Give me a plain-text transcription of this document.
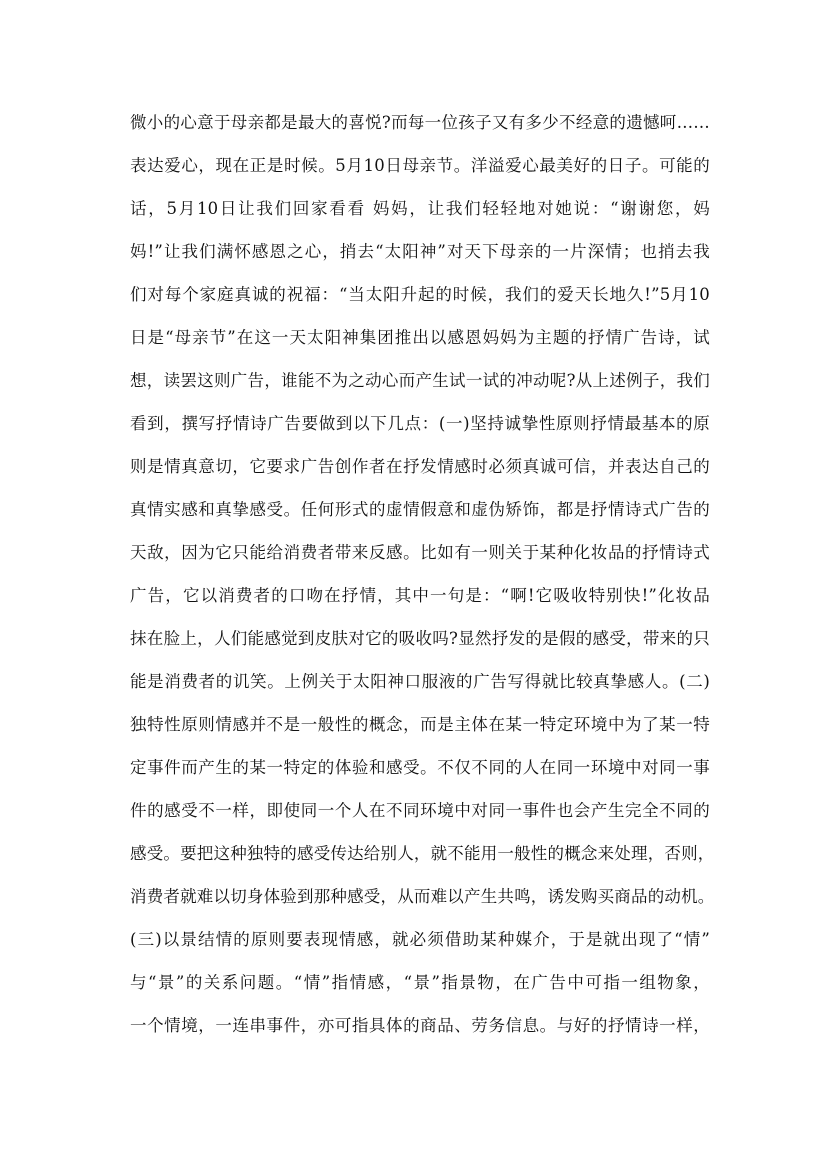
微小的心意于母亲都是最大的喜悦?而每一位孩子又有多少不经意的遗憾呵……
表达爱心，现在正是时候。5月10日母亲节。洋溢爱心最美好的日子。可能的
话，5月10日让我们回家看看 妈妈，让我们轻轻地对她说：“谢谢您，妈
妈!”让我们满怀感恩之心，捎去“太阳神”对天下母亲的一片深情；也捎去我
们对每个家庭真诚的祝福：“当太阳升起的时候，我们的爱天长地久!”5月10
日是“母亲节”在这一天太阳神集团推出以感恩妈妈为主题的抒情广告诗，试
想，读罢这则广告，谁能不为之动心而产生试一试的冲动呢?从上述例子，我们
看到，撰写抒情诗广告要做到以下几点：(一)坚持诚挚性原则抒情最基本的原
则是情真意切，它要求广告创作者在抒发情感时必须真诚可信，并表达自己的
真情实感和真挚感受。任何形式的虚情假意和虚伪矫饰，都是抒情诗式广告的
天敌，因为它只能给消费者带来反感。比如有一则关于某种化妆品的抒情诗式
广告，它以消费者的口吻在抒情，其中一句是：“啊!它吸收特别快!”化妆品
抹在脸上，人们能感觉到皮肤对它的吸收吗?显然抒发的是假的感受，带来的只
能是消费者的讥笑。上例关于太阳神口服液的广告写得就比较真挚感人。(二)
独特性原则情感并不是一般性的概念，而是主体在某一特定环境中为了某一特
定事件而产生的某一特定的体验和感受。不仅不同的人在同一环境中对同一事
件的感受不一样，即使同一个人在不同环境中对同一事件也会产生完全不同的
感受。要把这种独特的感受传达给别人，就不能用一般性的概念来处理，否则，
消费者就难以切身体验到那种感受，从而难以产生共鸣，诱发购买商品的动机。
(三)以景结情的原则要表现情感，就必须借助某种媒介，于是就出现了“情”
与“景”的关系问题。“情”指情感，“景”指景物，在广告中可指一组物象，
一个情境，一连串事件，亦可指具体的商品、劳务信息。与好的抒情诗一样，
